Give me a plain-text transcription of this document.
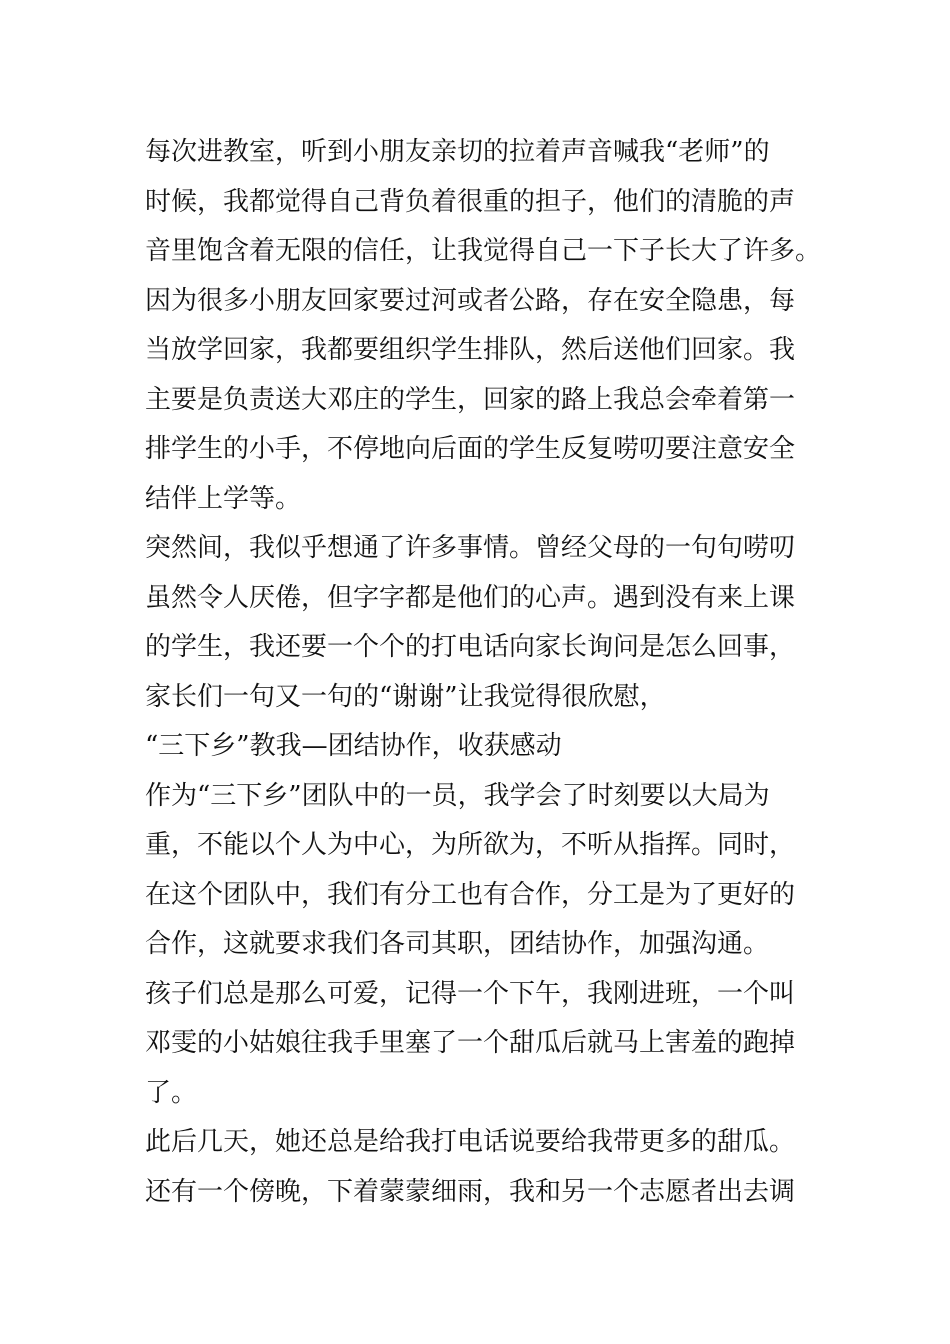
每次进教室，听到小朋友亲切的拉着声音喊我“老师”的
时候，我都觉得自己背负着很重的担子，他们的清脆的声
音里饱含着无限的信任，让我觉得自己一下子长大了许多。
因为很多小朋友回家要过河或者公路，存在安全隐患，每
当放学回家，我都要组织学生排队，然后送他们回家。我
主要是负责送大邓庄的学生，回家的路上我总会牵着第一
排学生的小手，不停地向后面的学生反复唠叨要注意安全
结伴上学等。
突然间，我似乎想通了许多事情。曾经父母的一句句唠叨
虽然令人厌倦，但字字都是他们的心声。遇到没有来上课
的学生，我还要一个个的打电话向家长询问是怎么回事，
家长们一句又一句的“谢谢”让我觉得很欣慰，
“三下乡”教我—团结协作，收获感动
作为“三下乡”团队中的一员，我学会了时刻要以大局为
重，不能以个人为中心，为所欲为，不听从指挥。同时，
在这个团队中，我们有分工也有合作，分工是为了更好的
合作，这就要求我们各司其职，团结协作，加强沟通。
孩子们总是那么可爱，记得一个下午，我刚进班，一个叫
邓雯的小姑娘往我手里塞了一个甜瓜后就马上害羞的跑掉
了。
此后几天，她还总是给我打电话说要给我带更多的甜瓜。
还有一个傍晚，下着蒙蒙细雨，我和另一个志愿者出去调
